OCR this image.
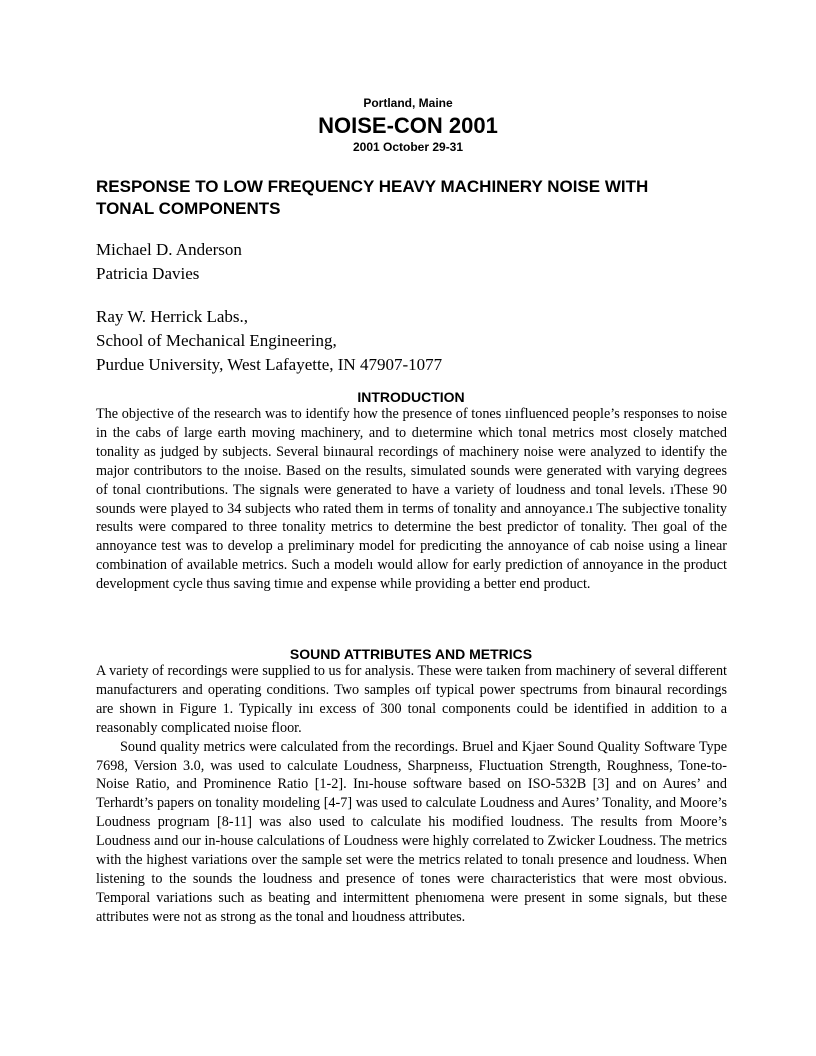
Portland, Maine
NOISE-CON 2001
2001 October 29-31
RESPONSE TO LOW FREQUENCY HEAVY MACHINERY NOISE WITH
TONAL COMPONENTS
Michael D. Anderson
Patricia Davies
Ray W. Herrick Labs.,
School of Mechanical Engineering,
Purdue University, West Lafayette, IN 47907-1077
INTRODUCTION

The objective of the research was to identify how the presence of tones ıinfluenced people’s responses to noise in the cabs of large earth moving machinery, and to dıetermine which tonal metrics most closely matched tonality as judged by subjects. Several biınaural recordings of machinery noise were analyzed to identify the major contributors to the ınoise. Based on the results, simulated sounds were generated with varying degrees of tonal cıontributions. The signals were generated to have a variety of loudness and tonal levels. ıThese 90 sounds were played to 34 subjects who rated them in terms of tonality and annoyance.ı The subjective tonality results were compared to three tonality metrics to determine the best predictor of tonality. Theı goal of the annoyance test was to develop a preliminary model for predicıting the annoyance of cab noise using a linear combination of available metrics. Such a modelı would allow for early prediction of annoyance in the product development cycle thus saving timıe and expense while providing a better end product.

SOUND ATTRIBUTES AND METRICS

A variety of recordings were supplied to us for analysis. These were taıken from machinery of several different manufacturers and operating conditions. Two samples oıf typical power spectrums from binaural recordings are shown in Figure 1. Typically inı excess of 300 tonal components could be identified in addition to a reasonably complicated nıoise floor.

Sound quality metrics were calculated from the recordings. Bruel and Kjaer Sound Quality Software Type 7698, Version 3.0, was used to calculate Loudness, Sharpneıss, Fluctuation Strength, Roughness, Tone-to-Noise Ratio, and Prominence Ratio [1-2]. Inı-house software based on ISO-532B [3] and on Aures’ and Terhardt’s papers on tonality moıdeling [4-7] was used to calculate Loudness and Aures’ Tonality, and Moore’s Loudness progrıam [8-11] was also used to calculate his modified loudness. The results from Moore’s Loudness aınd our in-house calculations of Loudness were highly correlated to Zwicker Loudness. The metrics with the highest variations over the sample set were the metrics related to tonalı presence and loudness. When listening to the sounds the loudness and presence of tones were chaıracteristics that were most obvious. Temporal variations such as beating and intermittent phenıomena were present in some signals, but these attributes were not as strong as the tonal and lıoudness attributes.
